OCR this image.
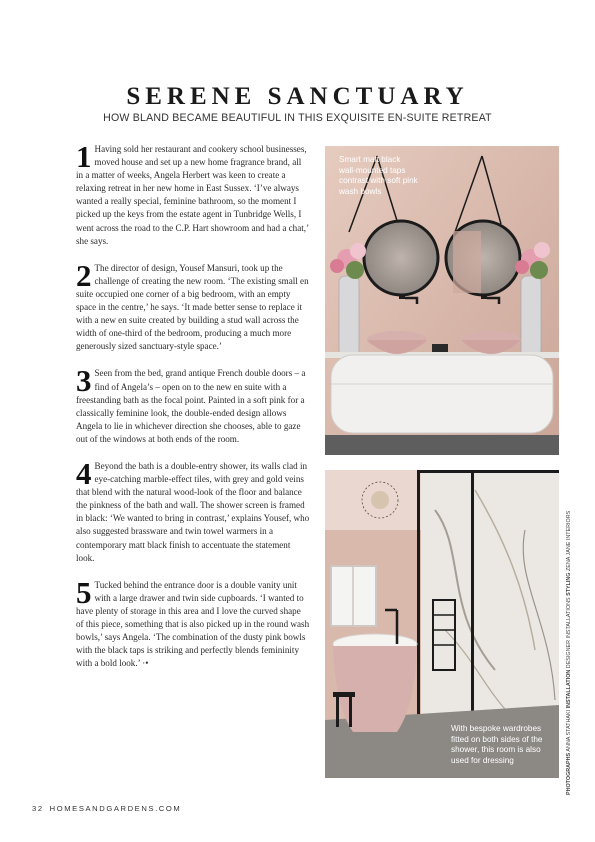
SERENE SANCTUARY
HOW BLAND BECAME BEAUTIFUL IN THIS EXQUISITE EN-SUITE RETREAT

1 Having sold her restaurant and cookery school businesses, moved house and set up a new home fragrance brand, all in a matter of weeks, Angela Herbert was keen to create a relaxing retreat in her new home in East Sussex. ‘I’ve always wanted a really special, feminine bathroom, so the moment I picked up the keys from the estate agent in Tunbridge Wells, I went across the road to the C.P. Hart showroom and had a chat,’ she says.

2 The director of design, Yousef Mansuri, took up the challenge of creating the new room. ‘The existing small en suite occupied one corner of a big bedroom, with an empty space in the centre,’ he says. ‘It made better sense to replace it with a new en suite created by building a stud wall across the width of one-third of the bedroom, producing a much more generously sized sanctuary-style space.’

3 Seen from the bed, grand antique French double doors – a find of Angela’s – open on to the new en suite with a freestanding bath as the focal point. Painted in a soft pink for a classically feminine look, the double-ended design allows Angela to lie in whichever direction she chooses, able to gaze out of the windows at both ends of the room.

4 Beyond the bath is a double-entry shower, its walls clad in eye-catching marble-effect tiles, with grey and gold veins that blend with the natural wood-look of the floor and balance the pinkness of the bath and wall. The shower screen is framed in black: ‘We wanted to bring in contrast,’ explains Yousef, who also suggested brassware and twin towel warmers in a contemporary matt black finish to accentuate the statement look.

5 Tucked behind the entrance door is a double vanity unit with a large drawer and twin side cupboards. ‘I wanted to have plenty of storage in this area and I love the curved shape of this piece, something that is also picked up in the round wash bowls,’ says Angela. ‘The combination of the dusty pink bowls with the black taps is striking and perfectly blends femininity with a bold look.’ ·•

Smart matt black wall-mounted taps contrast with soft pink wash bowls
With bespoke wardrobes fitted on both sides of the shower, this room is also used for dressing	PHOTOGRAPHS ANNA STATHAKI INSTALLATION DESIGNER INSTALLATIONS STYLING ZENA JANE INTERIORS
32 HOMESANDGARDENS.COM
